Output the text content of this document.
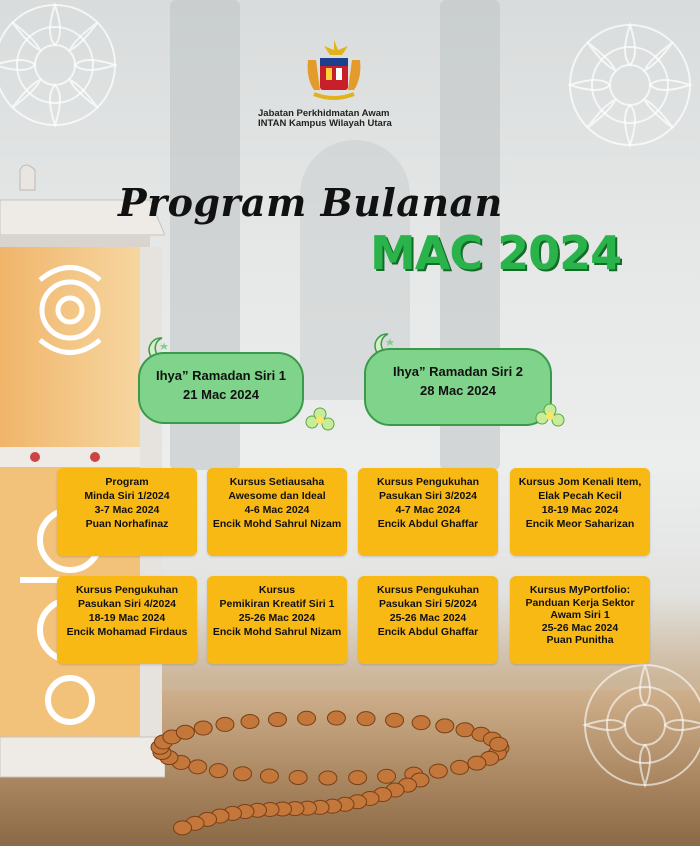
Jabatan Perkhidmatan Awam
INTAN Kampus Wilayah Utara
Program Bulanan
MAC 2024
Ihya” Ramadan Siri 1
21 Mac 2024
Ihya” Ramadan Siri 2
28 Mac 2024
Program
Minda Siri 1/2024
3-7 Mac 2024
Puan Norhafinaz
Kursus Setiausaha
Awesome dan Ideal
4-6 Mac 2024
Encik Mohd Sahrul Nizam
Kursus Pengukuhan
Pasukan Siri 3/2024
4-7 Mac 2024
Encik Abdul Ghaffar
Kursus Jom Kenali Item,
Elak Pecah Kecil
18-19 Mac 2024
Encik Meor Saharizan
Kursus Pengukuhan
Pasukan Siri 4/2024
18-19 Mac 2024
Encik Mohamad Firdaus
Kursus
Pemikiran Kreatif Siri 1
25-26 Mac 2024
Encik Mohd Sahrul Nizam
Kursus Pengukuhan
Pasukan Siri 5/2024
25-26 Mac 2024
Encik Abdul Ghaffar
Kursus MyPortfolio:
Panduan Kerja Sektor
Awam Siri 1
25-26 Mac 2024
Puan Punitha
